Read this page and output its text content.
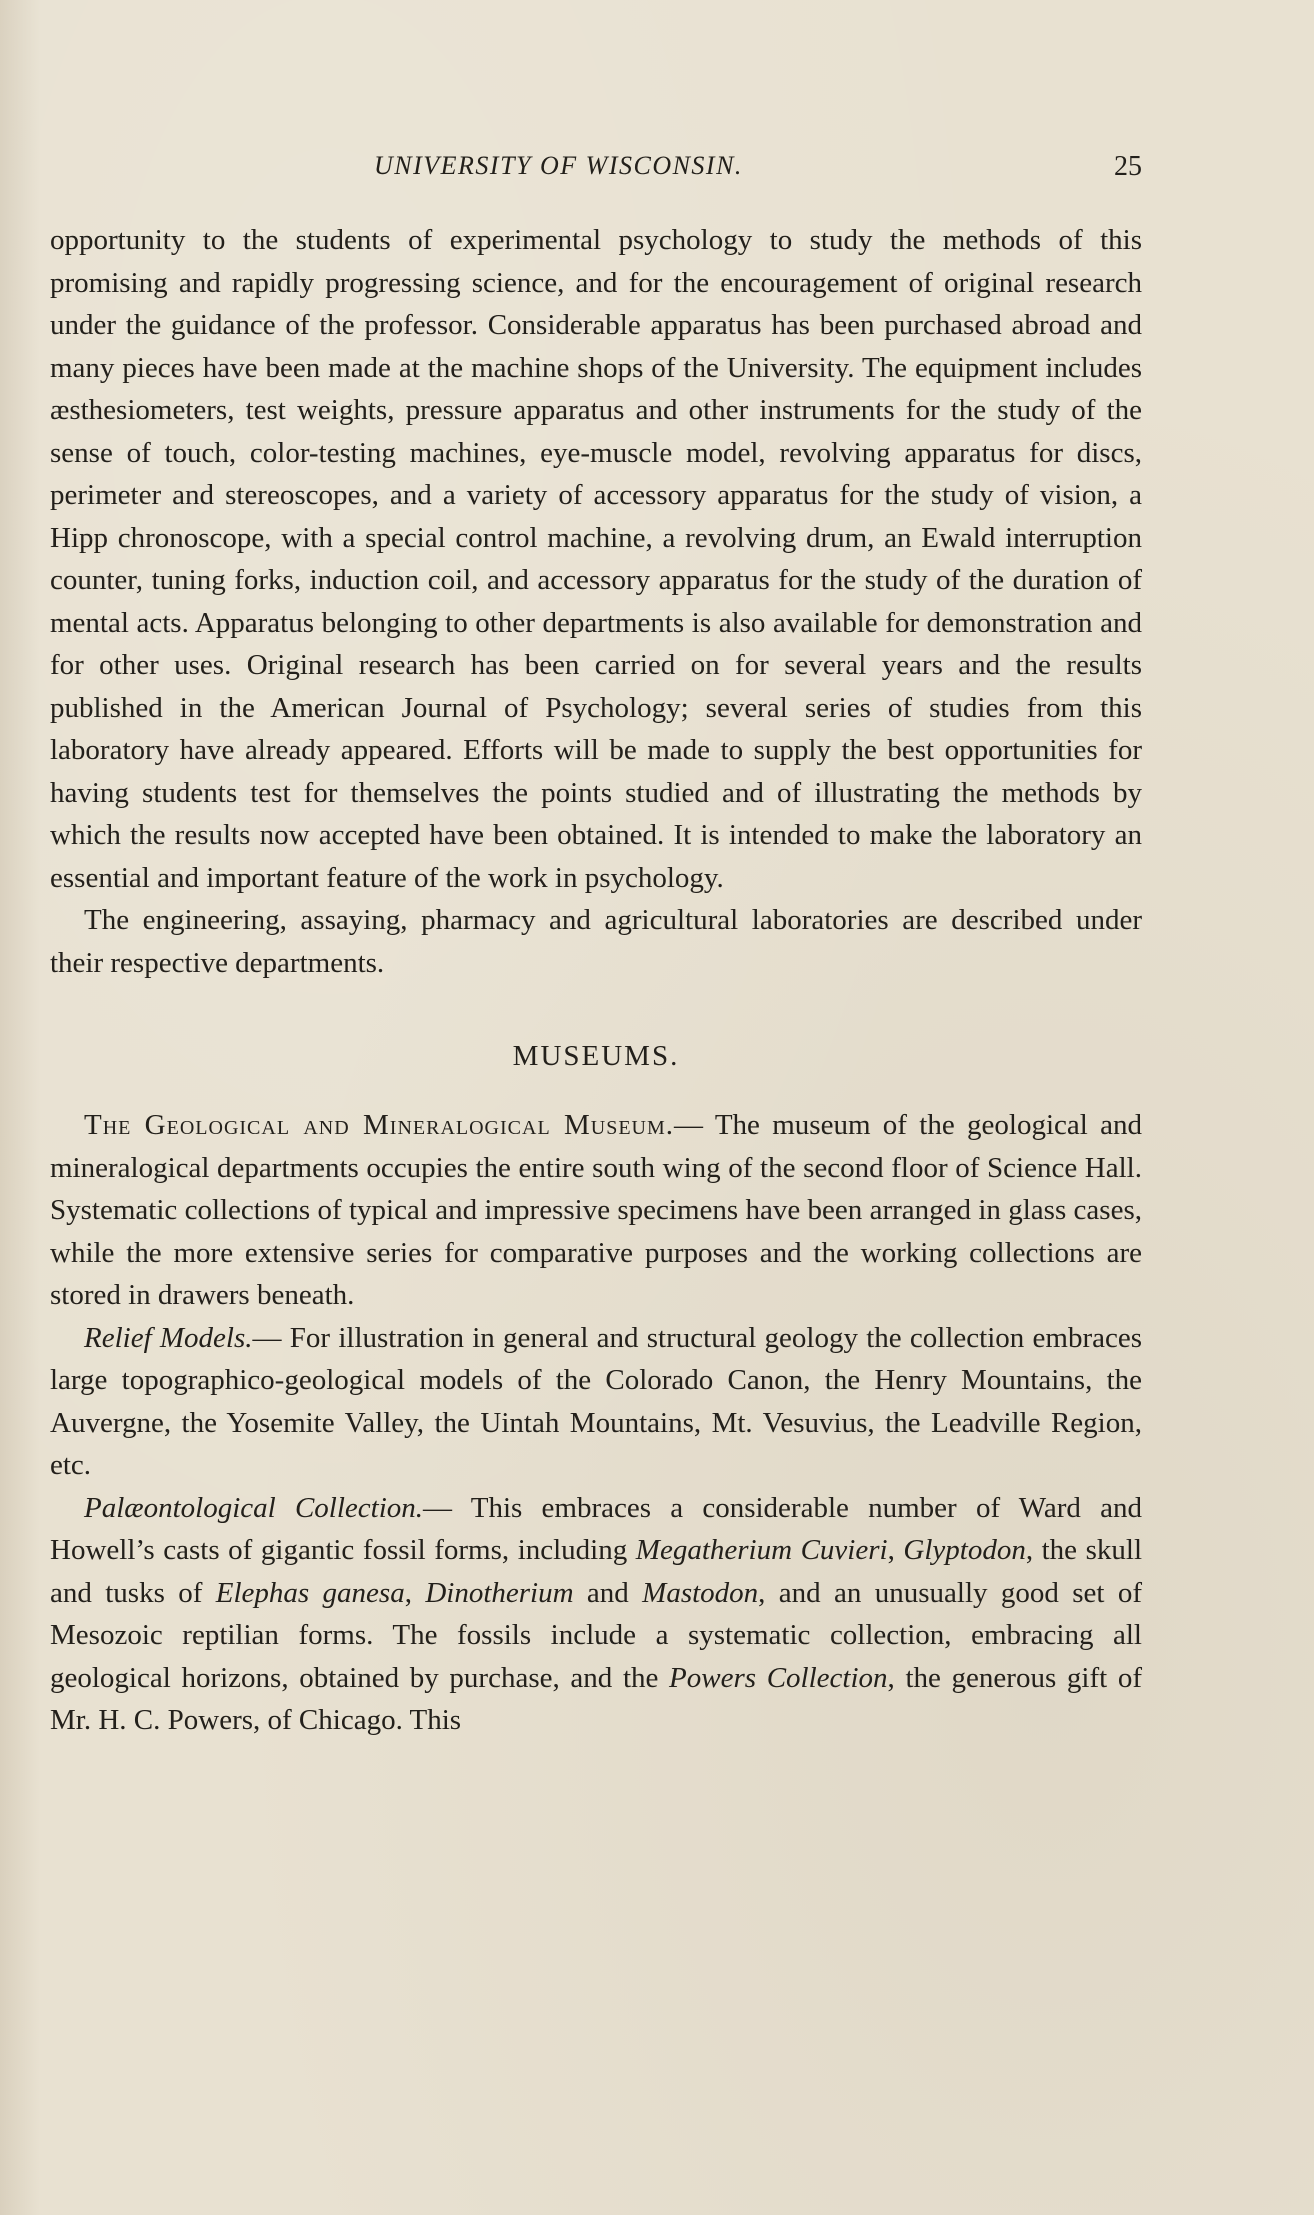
UNIVERSITY OF WISCONSIN.	25

opportunity to the students of experimental psychology to study the methods of this promising and rapidly progressing science, and for the encouragement of original research under the guidance of the professor. Considerable apparatus has been purchased abroad and many pieces have been made at the machine shops of the University. The equipment includes æsthesiometers, test weights, pressure apparatus and other instruments for the study of the sense of touch, color-testing machines, eye-muscle model, revolving apparatus for discs, perimeter and stereoscopes, and a variety of accessory apparatus for the study of vision, a Hipp chronoscope, with a special control machine, a revolving drum, an Ewald interruption counter, tuning forks, induction coil, and accessory apparatus for the study of the duration of mental acts. Apparatus belonging to other departments is also available for demonstration and for other uses. Original research has been carried on for several years and the results published in the American Journal of Psychology; several series of studies from this laboratory have already appeared. Efforts will be made to supply the best opportunities for having students test for themselves the points studied and of illustrating the methods by which the results now accepted have been obtained. It is intended to make the laboratory an essential and important feature of the work in psychology.

The engineering, assaying, pharmacy and agricultural laboratories are described under their respective departments.

MUSEUMS.

The Geological and Mineralogical Museum.— The museum of the geological and mineralogical departments occupies the entire south wing of the second floor of Science Hall. Systematic collections of typical and impressive specimens have been arranged in glass cases, while the more extensive series for comparative purposes and the working collections are stored in drawers beneath.

Relief Models.— For illustration in general and structural geology the collection embraces large topographico-geological models of the Colorado Canon, the Henry Mountains, the Auvergne, the Yosemite Valley, the Uintah Mountains, Mt. Vesuvius, the Leadville Region, etc.

Palæontological Collection.— This embraces a considerable number of Ward and Howell’s casts of gigantic fossil forms, including Megatherium Cuvieri, Glyptodon, the skull and tusks of Elephas ganesa, Dinotherium and Mastodon, and an unusually good set of Mesozoic reptilian forms. The fossils include a systematic collection, embracing all geological horizons, obtained by purchase, and the Powers Collection, the generous gift of Mr. H. C. Powers, of Chicago. This
